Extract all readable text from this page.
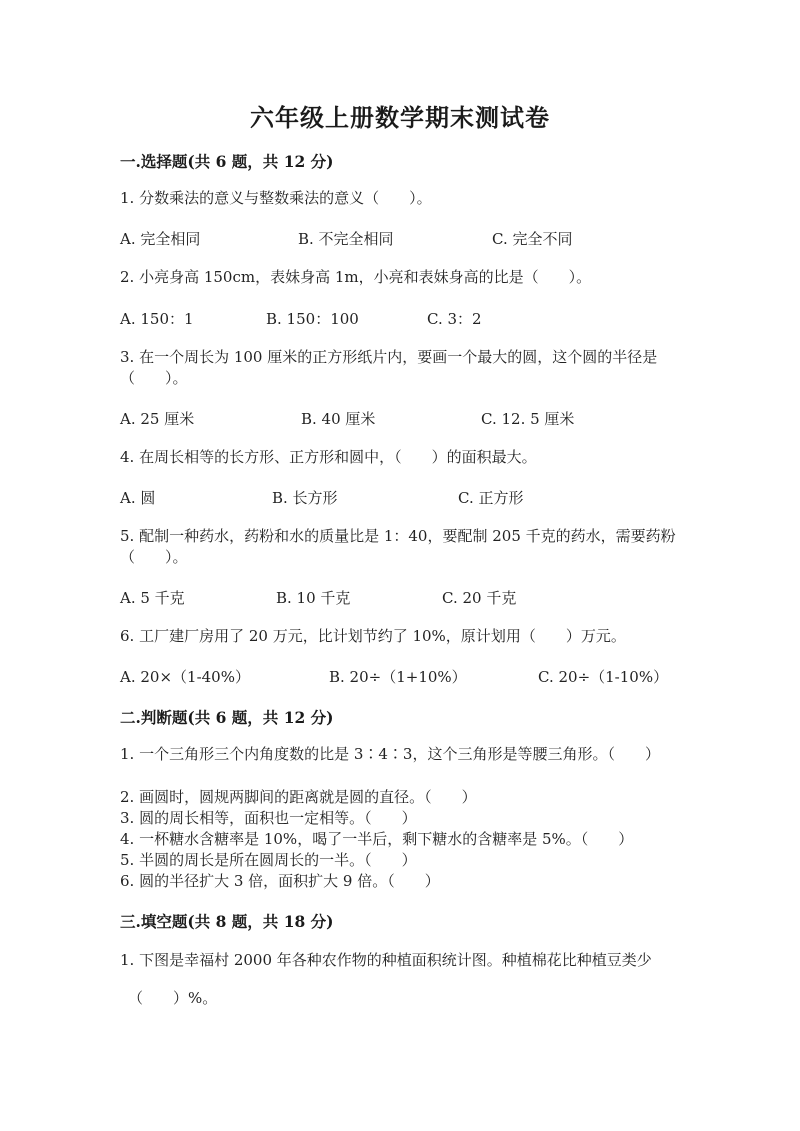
六年级上册数学期末测试卷
一.选择题(共 6 题，共 12 分)
1. 分数乘法的意义与整数乘法的意义（　　）。
A. 完全相同	B. 不完全相同	C. 完全不同
2. 小亮身高 150cm，表妹身高 1m，小亮和表妹身高的比是（　　）。
A. 150：1	B. 150：100	C. 3：2
3. 在一个周长为 100 厘米的正方形纸片内，要画一个最大的圆，这个圆的半径是（　　）。
A. 25 厘米	B. 40 厘米	C. 12. 5 厘米
4. 在周长相等的长方形、正方形和圆中，（　　）的面积最大。
A. 圆	B. 长方形	C. 正方形
5. 配制一种药水，药粉和水的质量比是 1：40，要配制 205 千克的药水，需要药粉（　　）。
A. 5 千克	B. 10 千克	C. 20 千克
6. 工厂建厂房用了 20 万元，比计划节约了 10%，原计划用（　　）万元。
A. 20×（1-40%）	B. 20÷（1+10%）	C. 20÷（1-10%）
二.判断题(共 6 题，共 12 分)
1. 一个三角形三个内角度数的比是 3∶4∶3，这个三角形是等腰三角形。（　　）
2. 画圆时，圆规两脚间的距离就是圆的直径。（　　）
3. 圆的周长相等，面积也一定相等。（　　）
4. 一杯糖水含糖率是 10%，喝了一半后，剩下糖水的含糖率是 5%。（　　）
5. 半圆的周长是所在圆周长的一半。（　　）
6. 圆的半径扩大 3 倍，面积扩大 9 倍。（　　）
三.填空题(共 8 题，共 18 分)
1. 下图是幸福村 2000 年各种农作物的种植面积统计图。种植棉花比种植豆类少
（　　）%。
